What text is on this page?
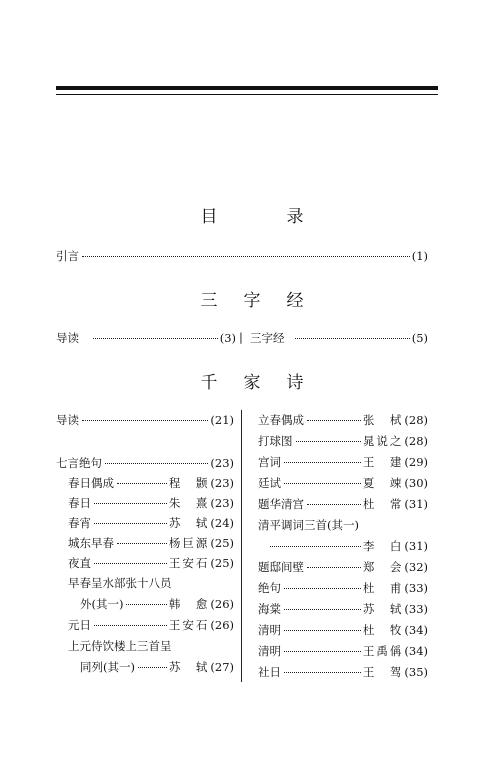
目　录
引言	(1)
三字经
导读	(3) | 三字经	(5)
千家诗
导读	(21)
七言绝句	(23)
春日偶成	程　颢 (23)
春日	朱　熹 (23)
春宵	苏　轼 (24)
城东早春	杨巨源 (25)
夜直	王安石 (25)
早春呈水部张十八员
外(其一)	韩　愈 (26)
元日	王安石 (26)
上元侍饮楼上三首呈
同列(其一)	苏　轼 (27)
立春偶成	张　栻 (28)
打球图	晁说之 (28)
宫词	王　建 (29)
廷试	夏　竦 (30)
题华清宫	杜　常 (31)
清平调词三首(其一)
李　白 (31)
题邸间壁	郑　会 (32)
绝句	杜　甫 (33)
海棠	苏　轼 (33)
清明	杜　牧 (34)
清明	王禹偁 (34)
社日	王　驾 (35)
